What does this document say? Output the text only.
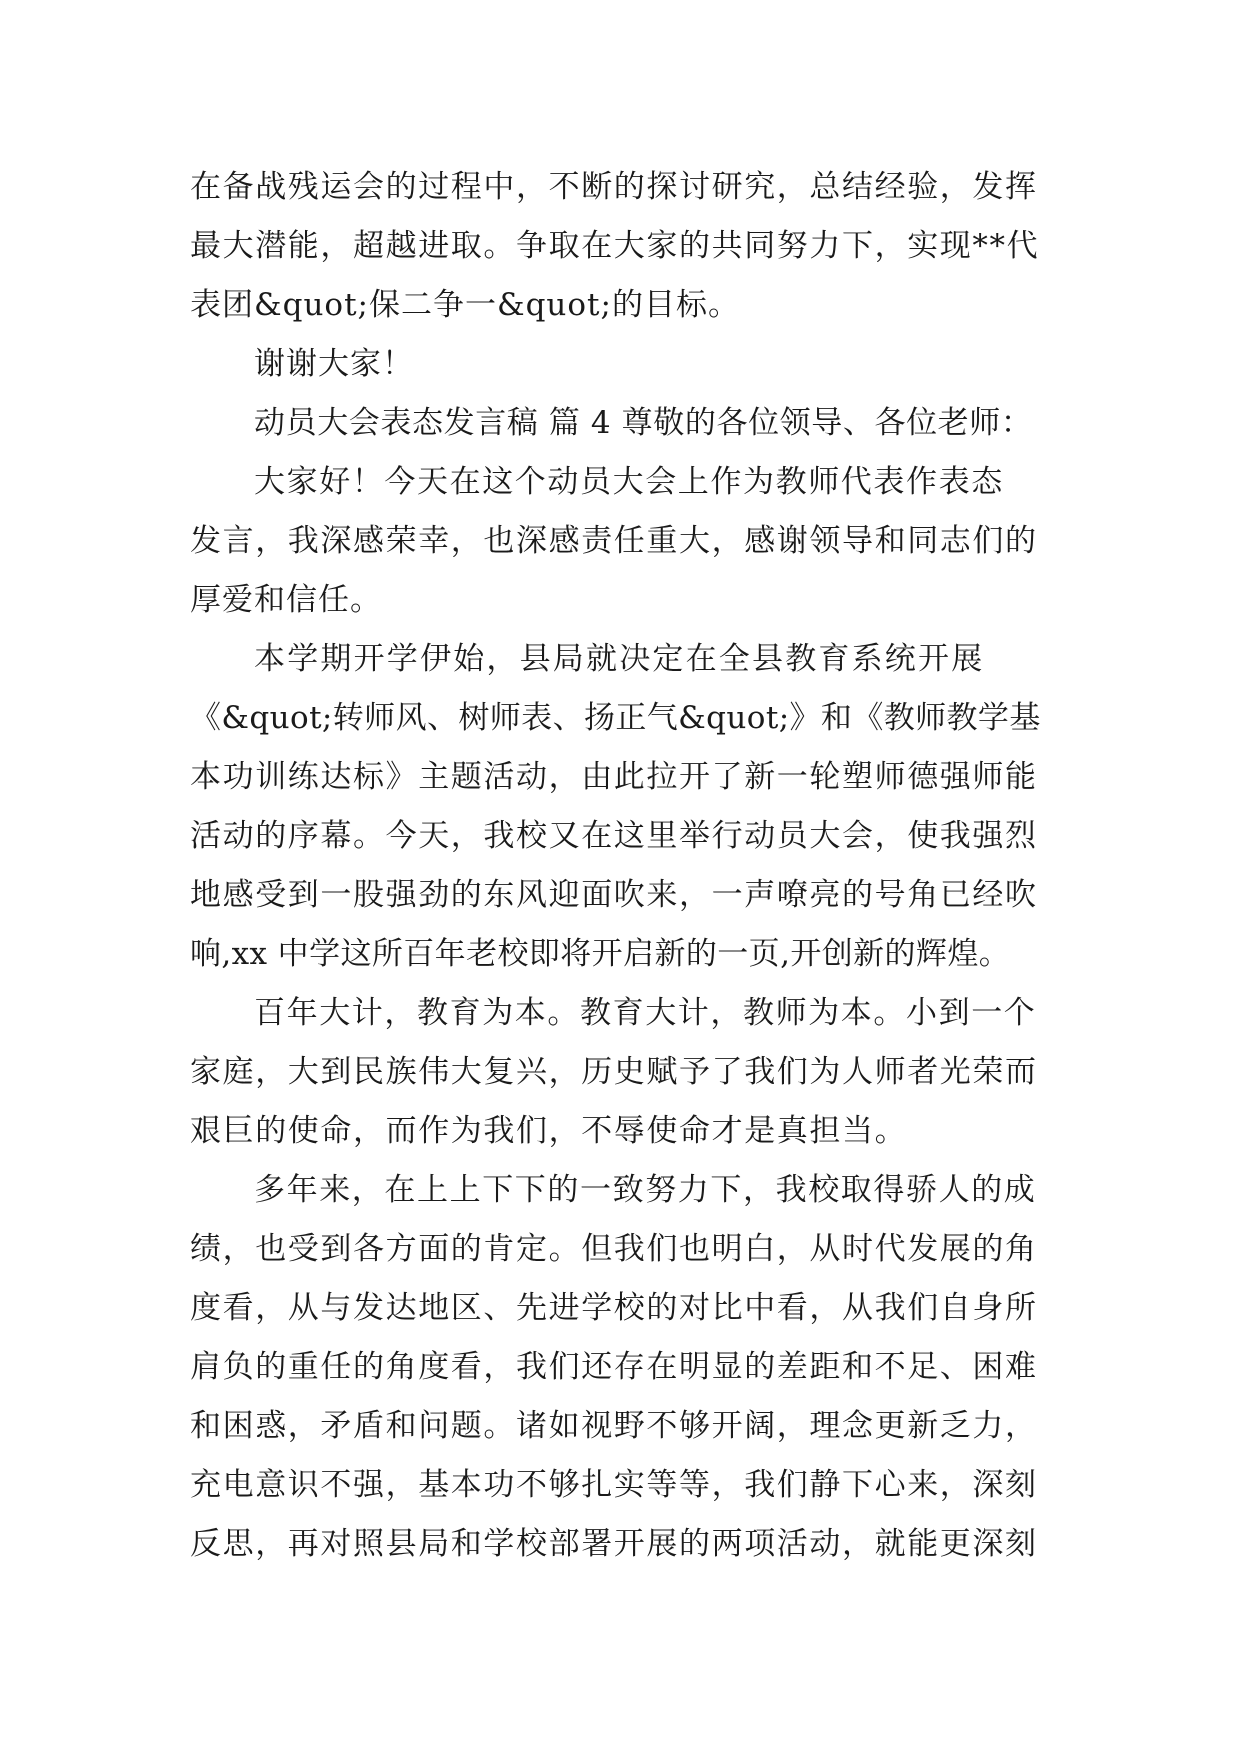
在备战残运会的过程中，不断的探讨研究，总结经验，发挥
最大潜能，超越进取。争取在大家的共同努力下，实现**代
表团&quot;保二争一&quot;的目标。
谢谢大家！
动员大会表态发言稿 篇 4 尊敬的各位领导、各位老师：
大家好！今天在这个动员大会上作为教师代表作表态
发言，我深感荣幸，也深感责任重大，感谢领导和同志们的
厚爱和信任。
本学期开学伊始，县局就决定在全县教育系统开展
《&quot;转师风、树师表、扬正气&quot;》和《教师教学基
本功训练达标》主题活动，由此拉开了新一轮塑师德强师能
活动的序幕。今天，我校又在这里举行动员大会，使我强烈
地感受到一股强劲的东风迎面吹来，一声嘹亮的号角已经吹
响,xx 中学这所百年老校即将开启新的一页,开创新的辉煌。
百年大计，教育为本。教育大计，教师为本。小到一个
家庭，大到民族伟大复兴，历史赋予了我们为人师者光荣而
艰巨的使命，而作为我们，不辱使命才是真担当。
多年来，在上上下下的一致努力下，我校取得骄人的成
绩，也受到各方面的肯定。但我们也明白，从时代发展的角
度看，从与发达地区、先进学校的对比中看，从我们自身所
肩负的重任的角度看，我们还存在明显的差距和不足、困难
和困惑，矛盾和问题。诸如视野不够开阔，理念更新乏力，
充电意识不强，基本功不够扎实等等，我们静下心来，深刻
反思，再对照县局和学校部署开展的两项活动，就能更深刻
